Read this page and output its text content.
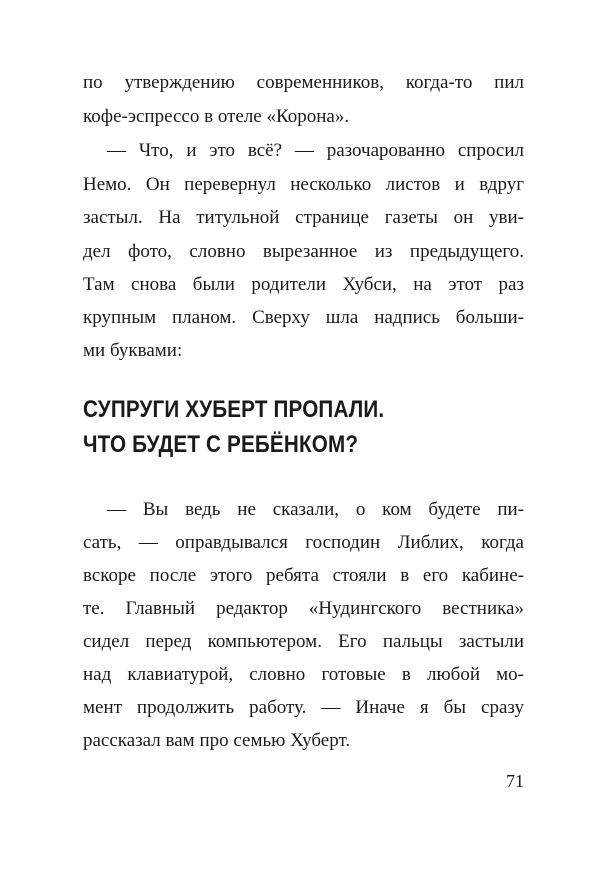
по утверждению современников, когда-то пил
кофе-эспрессо в отеле «Корона».
— Что, и это всё? — разочарованно спросил
Немо. Он перевернул несколько листов и вдруг
застыл. На титульной странице газеты он уви-
дел фото, словно вырезанное из предыдущего.
Там снова были родители Хубси, на этот раз
крупным планом. Сверху шла надпись больши-
ми буквами:
СУПРУГИ ХУБЕРТ ПРОПАЛИ.
ЧТО БУДЕТ С РЕБЁНКОМ?
— Вы ведь не сказали, о ком будете пи-
сать, — оправдывался господин Либлих, когда
вскоре после этого ребята стояли в его кабине-
те. Главный редактор «Нудингского вестника»
сидел перед компьютером. Его пальцы застыли
над клавиатурой, словно готовые в любой мо-
мент продолжить работу. — Иначе я бы сразу
рассказал вам про семью Хуберт.
71
